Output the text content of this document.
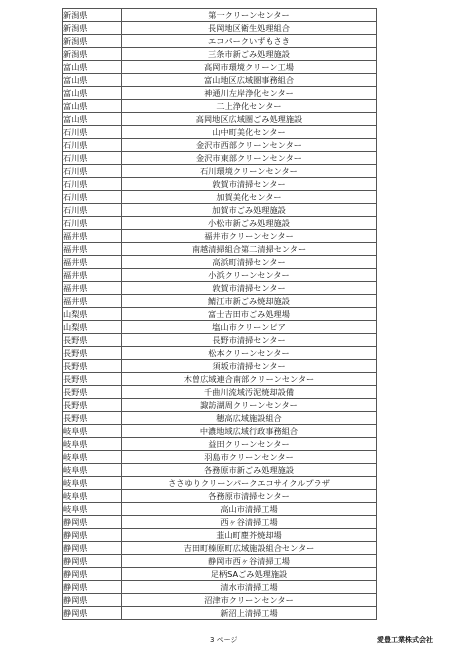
新潟県	第一クリーンセンター
新潟県	長岡地区衛生処理組合
新潟県	エコパークいずもさき
新潟県	三条市新ごみ処理施設
富山県	高岡市環境クリーン工場
富山県	富山地区広域圏事務組合
富山県	神通川左岸浄化センター
富山県	二上浄化センター
富山県	高岡地区広域圏ごみ処理施設
石川県	山中町美化センター
石川県	金沢市西部クリーンセンター
石川県	金沢市東部クリーンセンター
石川県	石川環境クリーンセンター
石川県	敦賀市清掃センター
石川県	加賀美化センター
石川県	加賀市ごみ処理施設
石川県	小松市新ごみ処理施設
福井県	福井市クリーンセンター
福井県	南越清掃組合第二清掃センター
福井県	高浜町清掃センター
福井県	小浜クリーンセンター
福井県	敦賀市清掃センター
福井県	鯖江市新ごみ焼却施設
山梨県	富士吉田市ごみ処理場
山梨県	塩山市クリーンピア
長野県	長野市清掃センター
長野県	松本クリーンセンター
長野県	須坂市清掃センター
長野県	木曽広域連合南部クリーンセンター
長野県	千曲川流域汚泥焼却設備
長野県	諏訪湖周クリーンセンター
長野県	穂高広域施設組合
岐阜県	中濃地域広域行政事務組合
岐阜県	益田クリーンセンター
岐阜県	羽島市クリーンセンター
岐阜県	各務原市新ごみ処理施設
岐阜県	ささゆりクリーンパークエコサイクルプラザ
岐阜県	各務原市清掃センター
岐阜県	高山市清掃工場
静岡県	西ヶ谷清掃工場
静岡県	韮山町塵芥焼却場
静岡県	吉田町榛原町広域施設組合センター
静岡県	静岡市西ヶ谷清掃工場
静岡県	足柄SAごみ処理施設
静岡県	清水市清掃工場
静岡県	沼津市クリーンセンター
静岡県	新沼上清掃工場
3 ページ	愛豊工業株式会社
